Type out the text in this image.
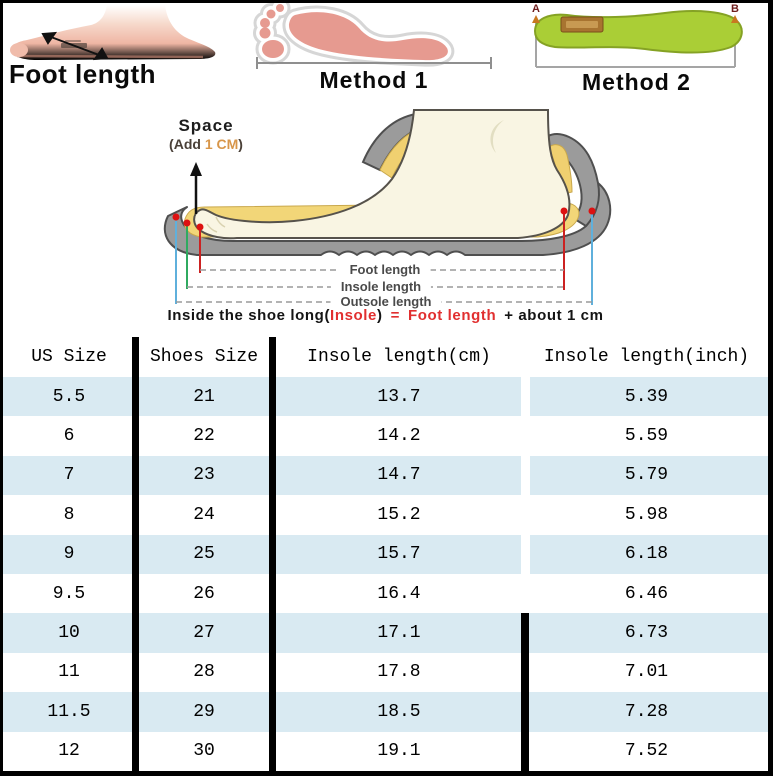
Foot length	Method 1
A	B
Method 2
Space
(Add 1 CM)
Foot length
Insole length
Outsole length
Inside the shoe long(Insole) = Foot length + about 1 cm
US Size	Shoes Size	Insole length(cm)	Insole length(inch)
5.5	21	13.7	5.39
6	22	14.2	5.59
7	23	14.7	5.79
8	24	15.2	5.98
9	25	15.7	6.18
9.5	26	16.4	6.46
10	27	17.1	6.73
11	28	17.8	7.01
11.5	29	18.5	7.28
12	30	19.1	7.52
